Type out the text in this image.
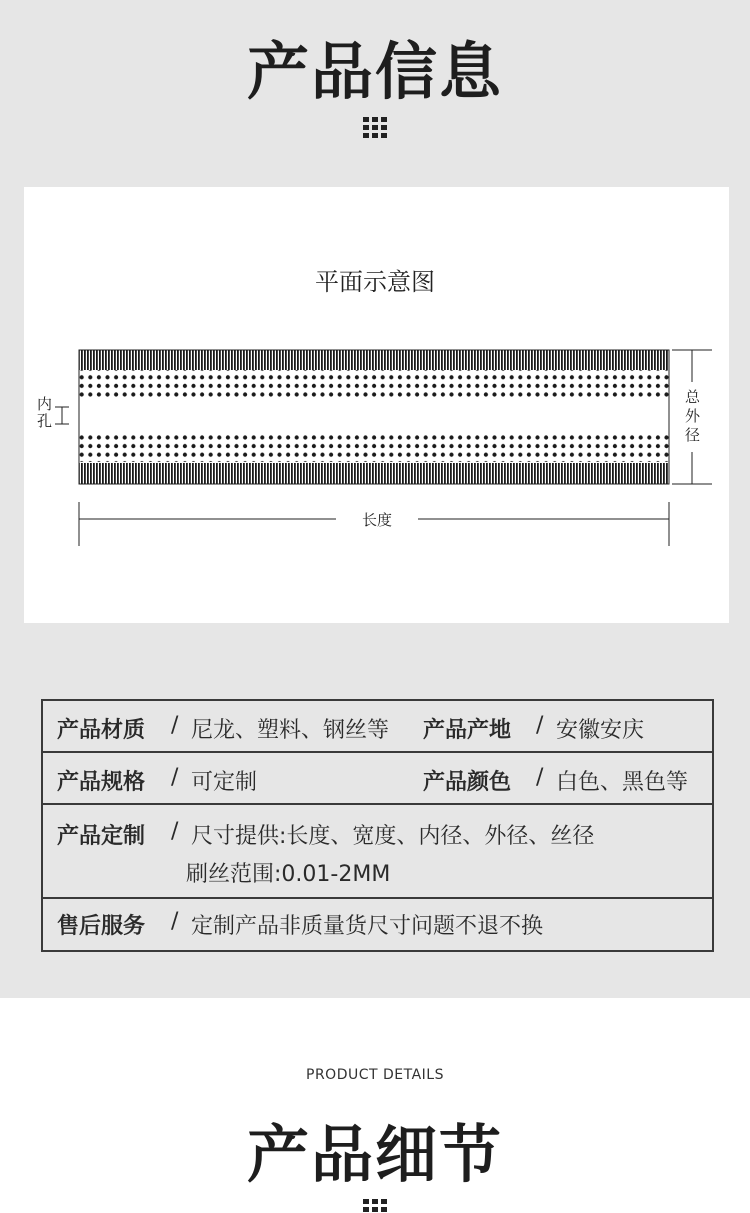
产品信息
平面示意图
内孔
总外径
长度
产品材质 / 尼龙、塑料、钢丝等 产品产地 / 安徽安庆
产品规格 / 可定制	产品颜色 / 白色、黑色等
产品定制 / 尺寸提供:长度、宽度、内径、外径、丝径
刷丝范围:0.01-2MM
售后服务 / 定制产品非质量货尺寸问题不退不换
PRODUCT DETAILS
产品细节
